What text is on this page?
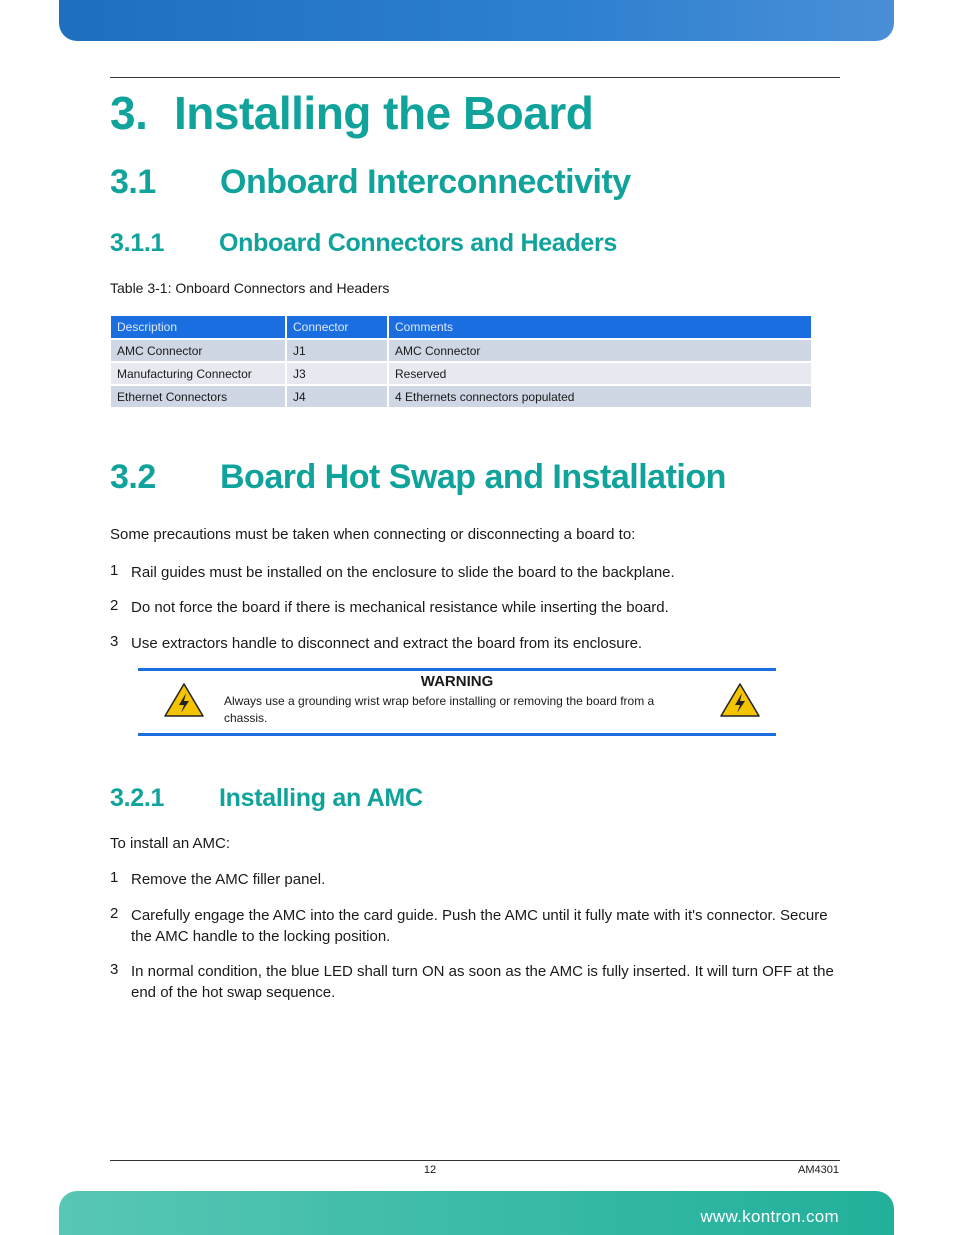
3. Installing the Board
3.1 Onboard Interconnectivity
3.1.1 Onboard Connectors and Headers
Table 3-1: Onboard Connectors and Headers
Description	Connector	Comments
AMC Connector	J1	AMC Connector
Manufacturing Connector	J3	Reserved
Ethernet Connectors	J4	4 Ethernets connectors populated
3.2 Board Hot Swap and Installation
Some precautions must be taken when connecting or disconnecting a board to:
1 Rail guides must be installed on the enclosure to slide the board to the backplane.
2 Do not force the board if there is mechanical resistance while inserting the board.
3 Use extractors handle to disconnect and extract the board from its enclosure.
WARNING
Always use a grounding wrist wrap before installing or removing the board from a chassis.
3.2.1 Installing an AMC
To install an AMC:
1 Remove the AMC filler panel.
2 Carefully engage the AMC into the card guide. Push the AMC until it fully mate with it's connector. Secure the AMC handle to the locking position.
3 In normal condition, the blue LED shall turn ON as soon as the AMC is fully inserted. It will turn OFF at the end of the hot swap sequence.
12	AM4301
www.kontron.com
